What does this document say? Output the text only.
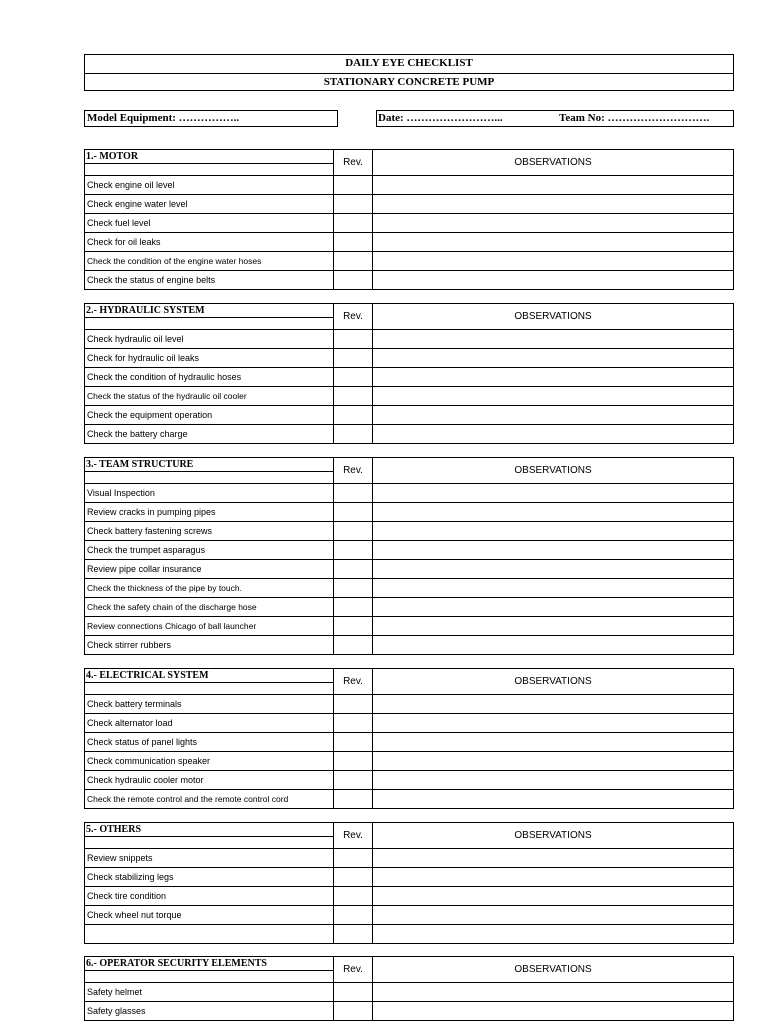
DAILY EYE CHECKLIST
STATIONARY CONCRETE PUMP
Model Equipment: ……………..	Date: ……………………...	Team No: ……………………….
1.- MOTOR	Rev.	OBSERVATIONS
Check engine oil level		
Check engine water level		
Check fuel level		
Check for oil leaks		
Check the condition of the engine water hoses		
Check the status of engine belts		
2.- HYDRAULIC SYSTEM	Rev.	OBSERVATIONS
Check hydraulic oil level		
Check for hydraulic oil leaks		
Check the condition of hydraulic hoses		
Check the status of the hydraulic oil cooler		
Check the equipment operation		
Check the battery charge		
3.- TEAM STRUCTURE	Rev.	OBSERVATIONS
Visual Inspection		
Review cracks in pumping pipes		
Check battery fastening screws		
Check the trumpet asparagus		
Review pipe collar insurance		
Check the thickness of the pipe by touch.		
Check the safety chain of the discharge hose		
Review connections Chicago of ball launcher		
Check stirrer rubbers		
4.- ELECTRICAL SYSTEM	Rev.	OBSERVATIONS
Check battery terminals		
Check alternator load		
Check status of panel lights		
Check communication speaker		
Check hydraulic cooler motor		
Check the remote control and the remote control cord		
5.- OTHERS	Rev.	OBSERVATIONS
Review snippets		
Check stabilizing legs		
Check tire condition		
Check wheel nut torque		

6.- OPERATOR SECURITY ELEMENTS	Rev.	OBSERVATIONS
Safety helmet		
Safety glasses		
